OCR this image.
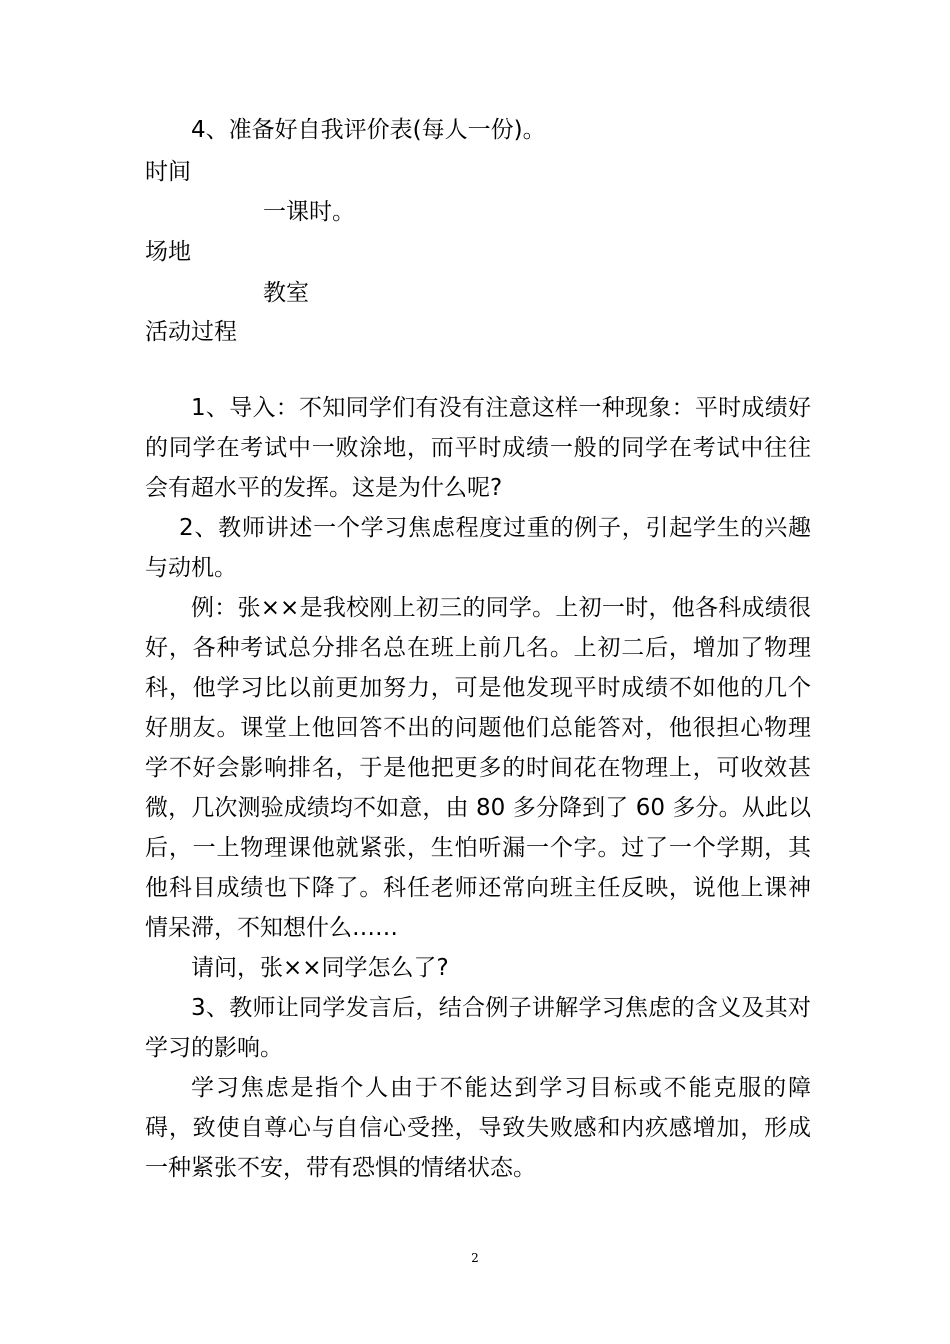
4、准备好自我评价表(每人一份)。
时间
一课时。
场地
教室
活动过程
1、导入：不知同学们有没有注意这样一种现象：平时成绩好的同学在考试中一败涂地，而平时成绩一般的同学在考试中往往会有超水平的发挥。这是为什么呢?
2、教师讲述一个学习焦虑程度过重的例子，引起学生的兴趣与动机。
例：张××是我校刚上初三的同学。上初一时，他各科成绩很好，各种考试总分排名总在班上前几名。上初二后，增加了物理科，他学习比以前更加努力，可是他发现平时成绩不如他的几个好朋友。课堂上他回答不出的问题他们总能答对，他很担心物理学不好会影响排名，于是他把更多的时间花在物理上，可收效甚微，几次测验成绩均不如意，由 80 多分降到了 60 多分。从此以后，一上物理课他就紧张，生怕听漏一个字。过了一个学期，其他科目成绩也下降了。科任老师还常向班主任反映，说他上课神情呆滞，不知想什么……
请问，张××同学怎么了?
3、教师让同学发言后，结合例子讲解学习焦虑的含义及其对学习的影响。
学习焦虑是指个人由于不能达到学习目标或不能克服的障碍，致使自尊心与自信心受挫，导致失败感和内疚感增加，形成一种紧张不安，带有恐惧的情绪状态。
2
